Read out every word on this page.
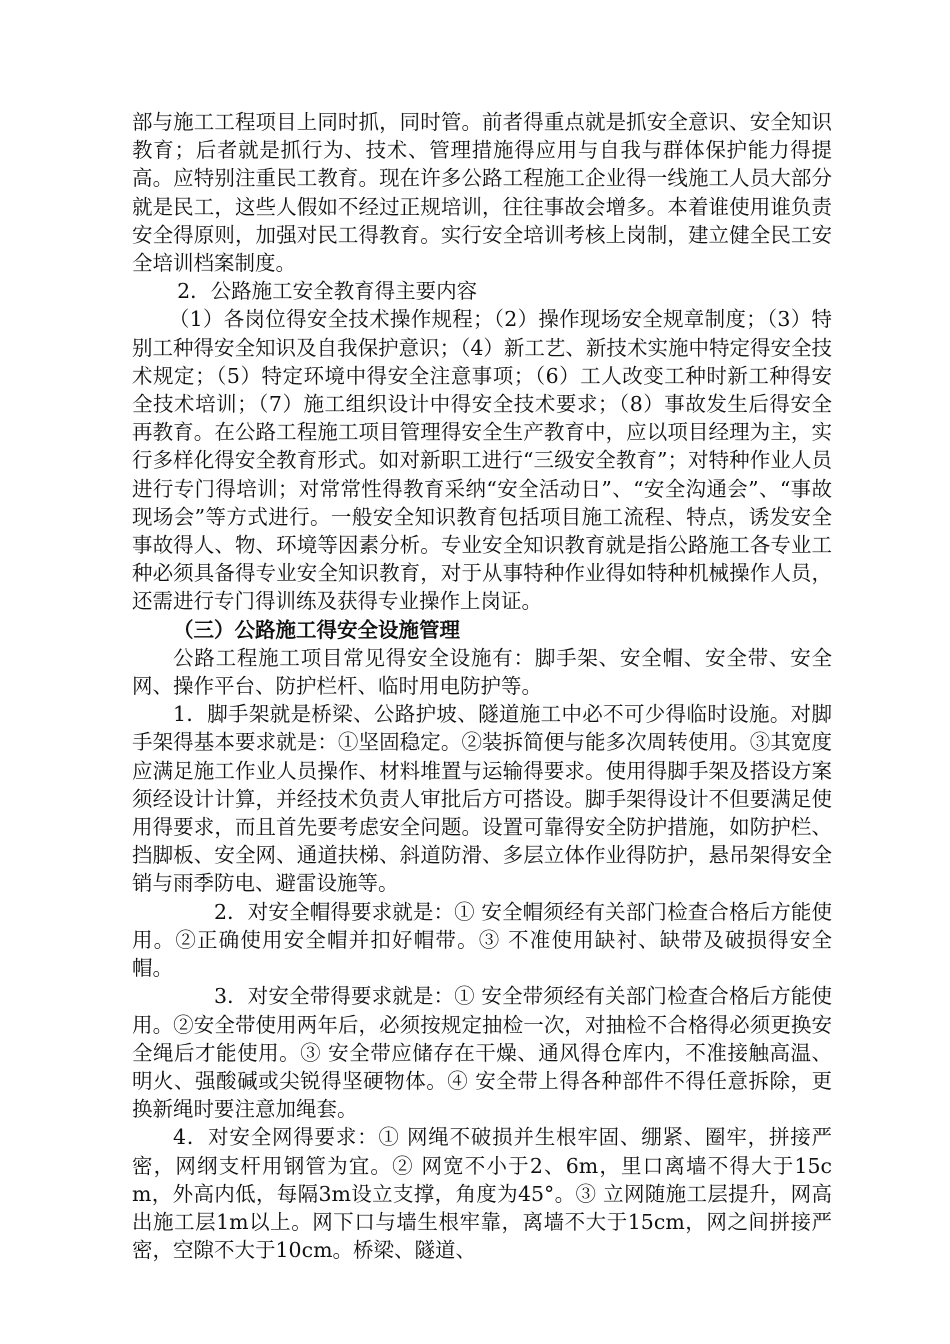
部与施工工程项目上同时抓，同时管。前者得重点就是抓安全意识、安全知识教育；后者就是抓行为、技术、管理措施得应用与自我与群体保护能力得提高。应特别注重民工教育。现在许多公路工程施工企业得一线施工人员大部分就是民工，这些人假如不经过正规培训，往往事故会增多。本着谁使用谁负责安全得原则，加强对民工得教育。实行安全培训考核上岗制，建立健全民工安全培训档案制度。

2．公路施工安全教育得主要内容

（1）各岗位得安全技术操作规程；（2）操作现场安全规章制度；（3）特别工种得安全知识及自我保护意识；（4）新工艺、新技术实施中特定得安全技术规定；（5）特定环境中得安全注意事项；（6）工人改变工种时新工种得安全技术培训；（7）施工组织设计中得安全技术要求；（8）事故发生后得安全再教育。在公路工程施工项目管理得安全生产教育中，应以项目经理为主，实行多样化得安全教育形式。如对新职工进行“三级安全教育”；对特种作业人员进行专门得培训；对常常性得教育采纳“安全活动日”、“安全沟通会”、“事故现场会”等方式进行。一般安全知识教育包括项目施工流程、特点，诱发安全事故得人、物、环境等因素分析。专业安全知识教育就是指公路施工各专业工种必须具备得专业安全知识教育，对于从事特种作业得如特种机械操作人员，还需进行专门得训练及获得专业操作上岗证。

（三）公路施工得安全设施管理

公路工程施工项目常见得安全设施有：脚手架、安全帽、安全带、安全网、操作平台、防护栏杆、临时用电防护等。

1．脚手架就是桥梁、公路护坡、隧道施工中必不可少得临时设施。对脚手架得基本要求就是：①坚固稳定。②装拆简便与能多次周转使用。③其宽度应满足施工作业人员操作、材料堆置与运输得要求。使用得脚手架及搭设方案须经设计计算，并经技术负责人审批后方可搭设。脚手架得设计不但要满足使用得要求，而且首先要考虑安全问题。设置可靠得安全防护措施，如防护栏、挡脚板、安全网、通道扶梯、斜道防滑、多层立体作业得防护，悬吊架得安全销与雨季防电、避雷设施等。

2．对安全帽得要求就是：① 安全帽须经有关部门检查合格后方能使用。②正确使用安全帽并扣好帽带。③ 不准使用缺衬、缺带及破损得安全帽。

3．对安全带得要求就是：① 安全带须经有关部门检查合格后方能使用。②安全带使用两年后，必须按规定抽检一次，对抽检不合格得必须更换安全绳后才能使用。③ 安全带应储存在干燥、通风得仓库内，不准接触高温、明火、强酸碱或尖锐得坚硬物体。④ 安全带上得各种部件不得任意拆除，更换新绳时要注意加绳套。

4．对安全网得要求：① 网绳不破损并生根牢固、绷紧、圈牢，拼接严密，网纲支杆用钢管为宜。② 网宽不小于2、6m，里口离墙不得大于15cm，外高内低，每隔3m设立支撑，角度为45°。③ 立网随施工层提升，网高出施工层1m以上。网下口与墙生根牢靠，离墙不大于15cm，网之间拼接严密，空隙不大于10cm。桥梁、隧道、
